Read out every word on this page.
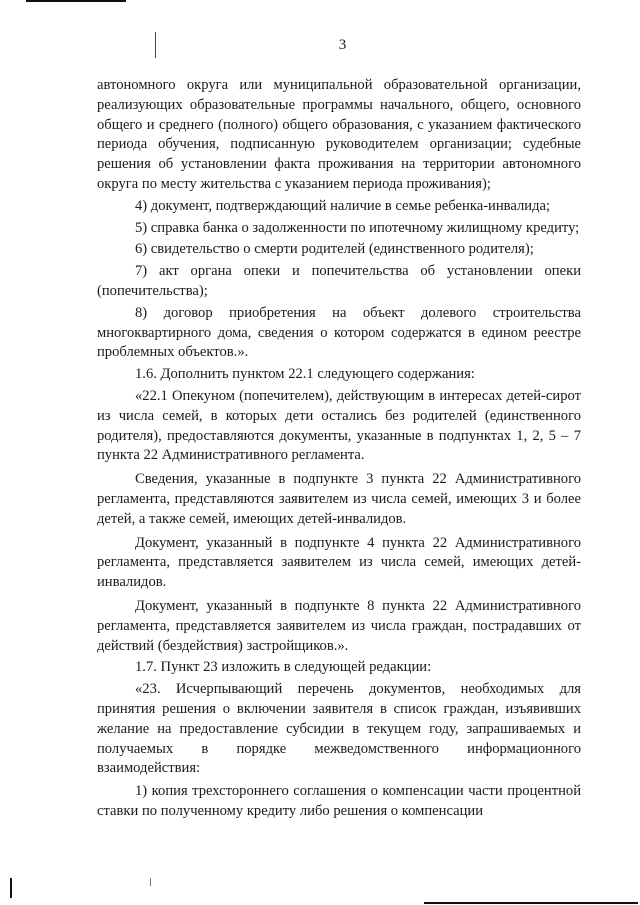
3

автономного округа или муниципальной образовательной организации, реализующих образовательные программы начального, общего, основного общего и среднего (полного) общего образования, с указанием фактического периода обучения, подписанную руководителем организации; судебные решения об установлении факта проживания на территории автономного округа по месту жительства с указанием периода проживания);

4) документ, подтверждающий наличие в семье ребенка-инвалида;

5) справка банка о задолженности по ипотечному жилищному кредиту;

6) свидетельство о смерти родителей (единственного родителя);

7) акт органа опеки и попечительства об установлении опеки (попечительства);

8) договор приобретения на объект долевого строительства многоквартирного дома, сведения о котором содержатся в едином реестре проблемных объектов.».

1.6. Дополнить пунктом 22.1 следующего содержания:

«22.1 Опекуном (попечителем), действующим в интересах детей-сирот из числа семей, в которых дети остались без родителей (единственного родителя), предоставляются документы, указанные в подпунктах 1, 2, 5 – 7 пункта 22 Административного регламента.

Сведения, указанные в подпункте 3 пункта 22 Административного регламента, представляются заявителем из числа семей, имеющих 3 и более детей, а также семей, имеющих детей-инвалидов.

Документ, указанный в подпункте 4 пункта 22 Административного регламента, представляется заявителем из числа семей, имеющих детей-инвалидов.

Документ, указанный в подпункте 8 пункта 22 Административного регламента, представляется заявителем из числа граждан, пострадавших от действий (бездействия) застройщиков.».

1.7. Пункт 23 изложить в следующей редакции:

«23. Исчерпывающий перечень документов, необходимых для принятия решения о включении заявителя в список граждан, изъявивших желание на предоставление субсидии в текущем году, запрашиваемых и получаемых в порядке межведомственного информационного взаимодействия:

1) копия трехстороннего соглашения о компенсации части процентной ставки по полученному кредиту либо решения о компенсации
